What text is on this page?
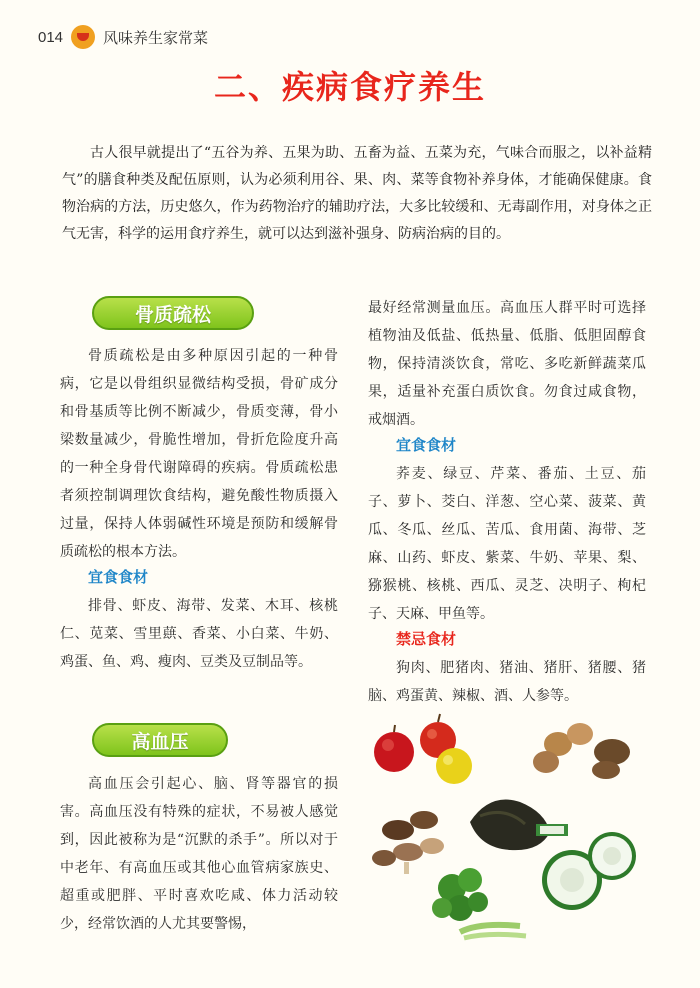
014	风味养生家常菜
二、疾病食疗养生

古人很早就提出了“五谷为养、五果为助、五畜为益、五菜为充，气味合而服之，以补益精气”的膳食种类及配伍原则，认为必须利用谷、果、肉、菜等食物补养身体，才能确保健康。食物治病的方法，历史悠久，作为药物治疗的辅助疗法，大多比较缓和、无毒副作用，对身体之正气无害，科学的运用食疗养生，就可以达到滋补强身、防病治病的目的。

骨质疏松

骨质疏松是由多种原因引起的一种骨病，它是以骨组织显微结构受损，骨矿成分和骨基质等比例不断减少，骨质变薄，骨小梁数量减少，骨脆性增加，骨折危险度升高的一种全身骨代谢障碍的疾病。骨质疏松患者须控制调理饮食结构，避免酸性物质摄入过量，保持人体弱碱性环境是预防和缓解骨质疏松的根本方法。

宜食食材

排骨、虾皮、海带、发菜、木耳、核桃仁、苋菜、雪里蕻、香菜、小白菜、牛奶、鸡蛋、鱼、鸡、瘦肉、豆类及豆制品等。

高血压

高血压会引起心、脑、肾等器官的损害。高血压没有特殊的症状，不易被人感觉到，因此被称为是“沉默的杀手”。所以对于中老年、有高血压或其他心血管病家族史、超重或肥胖、平时喜欢吃咸、体力活动较少，经常饮酒的人尤其要警惕，

最好经常测量血压。高血压人群平时可选择植物油及低盐、低热量、低脂、低胆固醇食物，保持清淡饮食，常吃、多吃新鲜蔬菜瓜果，适量补充蛋白质饮食。勿食过咸食物，戒烟酒。

宜食食材

荞麦、绿豆、芹菜、番茄、土豆、茄子、萝卜、茭白、洋葱、空心菜、菠菜、黄瓜、冬瓜、丝瓜、苦瓜、食用菌、海带、芝麻、山药、虾皮、紫菜、牛奶、苹果、梨、猕猴桃、核桃、西瓜、灵芝、决明子、枸杞子、天麻、甲鱼等。

禁忌食材

狗肉、肥猪肉、猪油、猪肝、猪腰、猪脑、鸡蛋黄、辣椒、酒、人参等。
